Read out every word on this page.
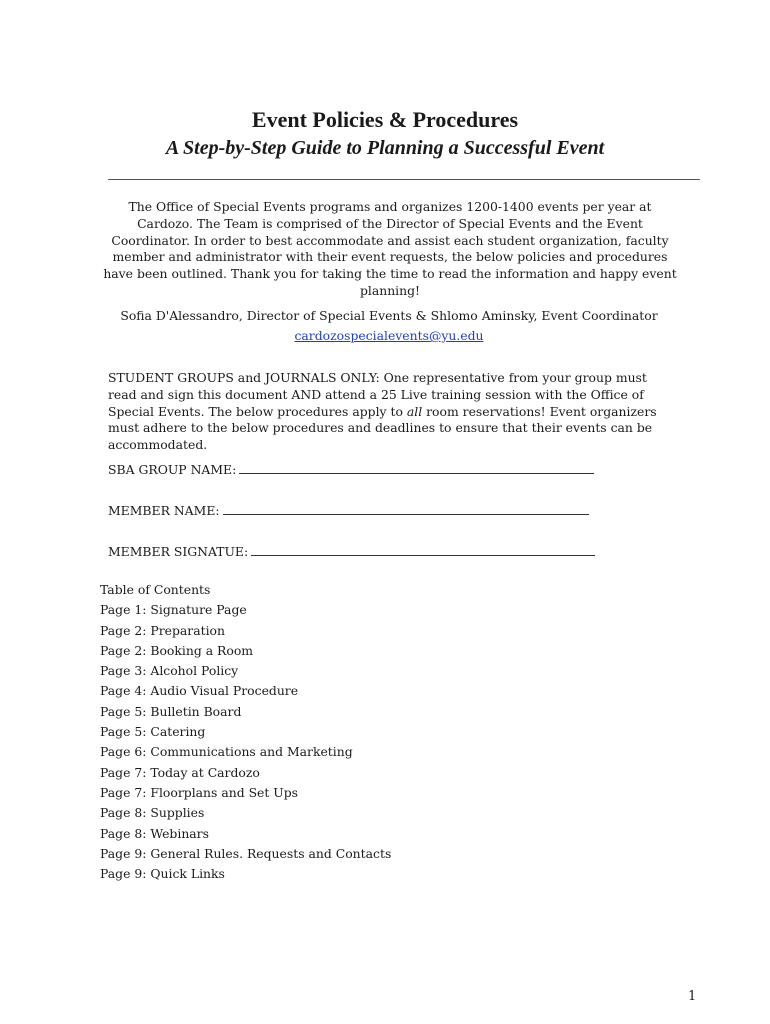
Event Policies & Procedures
A Step-by-Step Guide to Planning a Successful Event

The Office of Special Events programs and organizes 1200-1400 events per year at Cardozo. The Team is comprised of the Director of Special Events and the Event Coordinator. In order to best accommodate and assist each student organization, faculty member and administrator with their event requests, the below policies and procedures have been outlined. Thank you for taking the time to read the information and happy event planning!

Sofia D'Alessandro, Director of Special Events & Shlomo Aminsky, Event Coordinator

cardozospecialevents@yu.edu

STUDENT GROUPS and JOURNALS ONLY: One representative from your group must read and sign this document AND attend a 25 Live training session with the Office of Special Events. The below procedures apply to all room reservations! Event organizers must adhere to the below procedures and deadlines to ensure that their events can be accommodated.

SBA GROUP NAME:

MEMBER NAME:

MEMBER SIGNATUE:

Table of Contents

Page 1: Signature Page
Page 2: Preparation
Page 2: Booking a Room
Page 3: Alcohol Policy
Page 4: Audio Visual Procedure
Page 5: Bulletin Board
Page 5: Catering
Page 6: Communications and Marketing
Page 7: Today at Cardozo
Page 7: Floorplans and Set Ups
Page 8: Supplies
Page 8: Webinars
Page 9: General Rules. Requests and Contacts
Page 9: Quick Links

1
